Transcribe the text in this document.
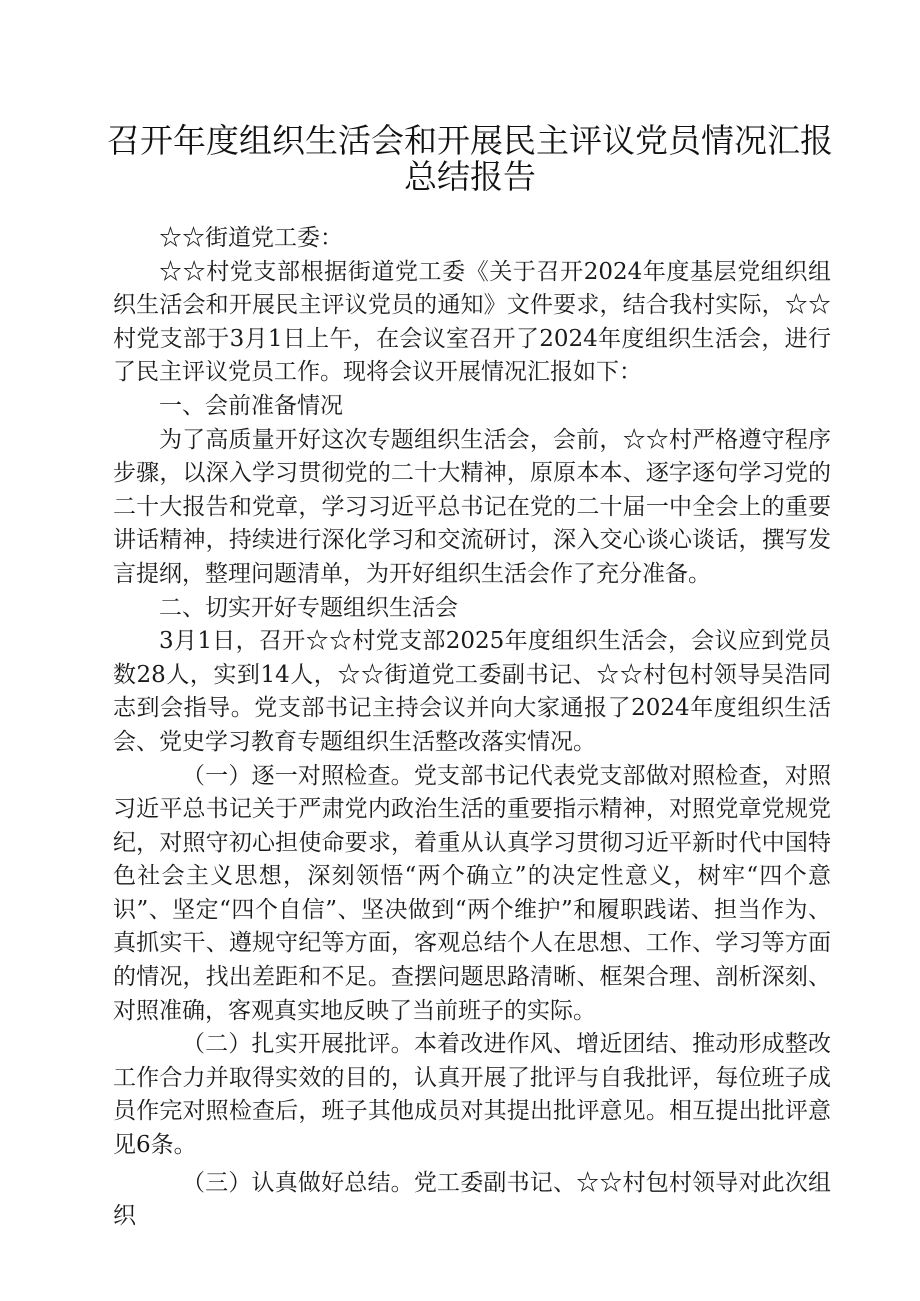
召开年度组织生活会和开展民主评议党员情况汇报总结报告

☆☆街道党工委：

☆☆村党支部根据街道党工委《关于召开2024年度基层党组织组织生活会和开展民主评议党员的通知》文件要求，结合我村实际，☆☆村党支部于3月1日上午，在会议室召开了2024年度组织生活会，进行了民主评议党员工作。现将会议开展情况汇报如下：

一、会前准备情况

为了高质量开好这次专题组织生活会，会前，☆☆村严格遵守程序步骤，以深入学习贯彻党的二十大精神，原原本本、逐字逐句学习党的二十大报告和党章，学习习近平总书记在党的二十届一中全会上的重要讲话精神，持续进行深化学习和交流研讨，深入交心谈心谈话，撰写发言提纲，整理问题清单，为开好组织生活会作了充分准备。

二、切实开好专题组织生活会

3月1日，召开☆☆村党支部2025年度组织生活会，会议应到党员数28人，实到14人，☆☆街道党工委副书记、☆☆村包村领导吴浩同志到会指导。党支部书记主持会议并向大家通报了2024年度组织生活会、党史学习教育专题组织生活整改落实情况。

（一）逐一对照检查。党支部书记代表党支部做对照检查，对照习近平总书记关于严肃党内政治生活的重要指示精神，对照党章党规党纪，对照守初心担使命要求，着重从认真学习贯彻习近平新时代中国特色社会主义思想，深刻领悟“两个确立”的决定性意义，树牢“四个意识”、坚定“四个自信”、坚决做到“两个维护”和履职践诺、担当作为、真抓实干、遵规守纪等方面，客观总结个人在思想、工作、学习等方面的情况，找出差距和不足。查摆问题思路清晰、框架合理、剖析深刻、对照准确，客观真实地反映了当前班子的实际。

（二）扎实开展批评。本着改进作风、增近团结、推动形成整改工作合力并取得实效的目的，认真开展了批评与自我批评，每位班子成员作完对照检查后，班子其他成员对其提出批评意见。相互提出批评意见6条。

（三）认真做好总结。党工委副书记、☆☆村包村领导对此次组织
